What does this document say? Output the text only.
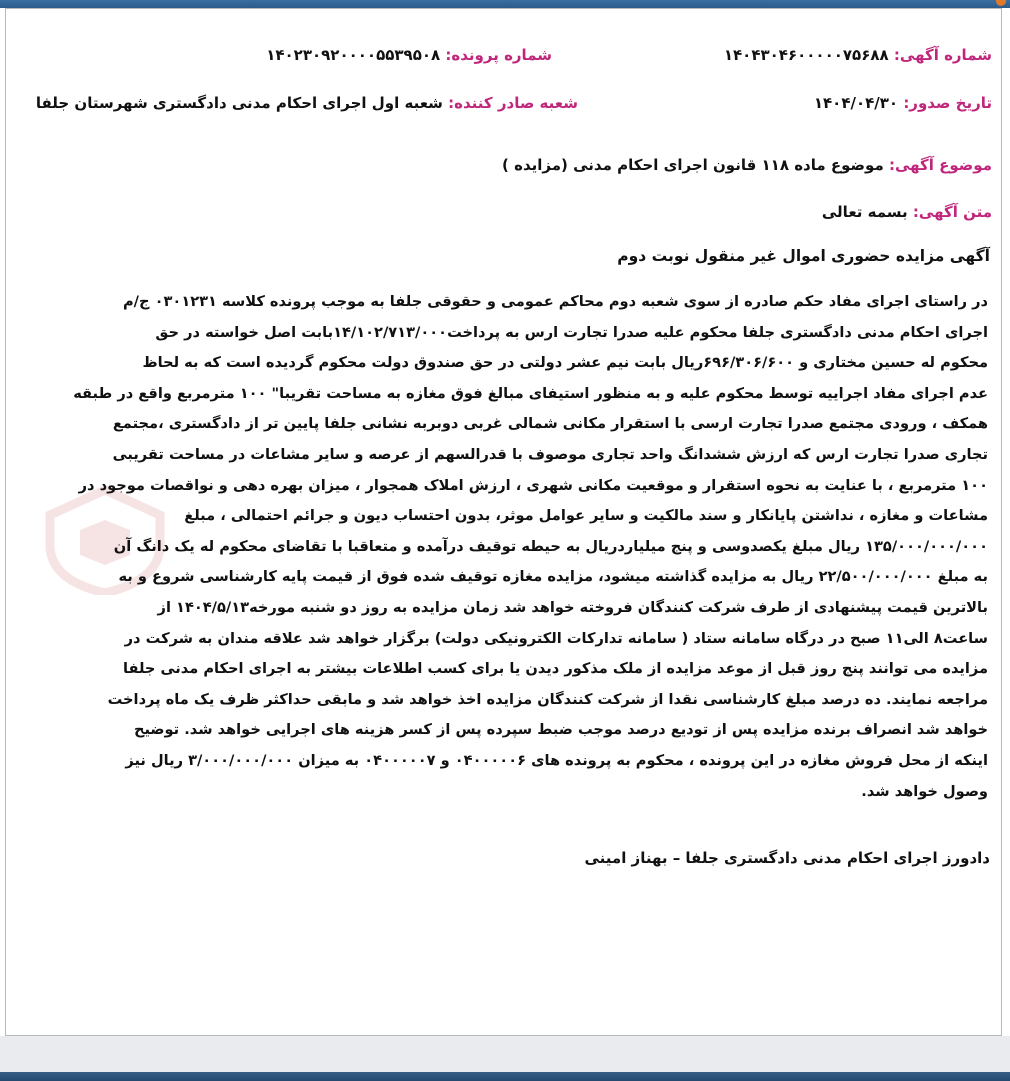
شماره آگهی: ۱۴۰۴۳۰۴۶۰۰۰۰۰۷۵۶۸۸
شماره پرونده: ۱۴۰۲۳۰۹۲۰۰۰۰۵۵۳۹۵۰۸
تاریخ صدور: ۱۴۰۴/۰۴/۳۰
شعبه صادر کننده: شعبه اول اجرای احکام مدنی دادگستری شهرستان جلفا
موضوع آگهی: موضوع ماده ۱۱۸ قانون اجرای احکام مدنی (مزایده )
متن آگهی: بسمه تعالی
آگهی مزایده حضوری اموال غیر منقول نوبت دوم
در راستای اجرای مفاد حکم صادره از سوی شعبه دوم محاکم عمومی و حقوقی جلفا به موجب پرونده کلاسه ۰۳۰۱۲۳۱ ج/م
اجرای احکام مدنی دادگستری جلفا محکوم علیه صدرا تجارت ارس به پرداخت۱۴/۱۰۲/۷۱۳/۰۰۰بابت اصل خواسته در حق
محکوم له حسین مختاری و ۶۹۶/۳۰۶/۶۰۰ریال بابت نیم عشر دولتی در حق صندوق دولت محکوم گردیده است که به لحاظ
عدم اجرای مفاد اجراییه توسط محکوم علیه و به منظور استیفای مبالغ فوق مغازه به مساحت تقریبا" ۱۰۰ مترمربع واقع در طبقه
همکف ، ورودی مجتمع صدرا تجارت ارسی با استقرار مکانی شمالی غربی دوبربه نشانی جلفا پایین تر از دادگستری ،مجتمع
تجاری صدرا تجارت ارس که ارزش ششدانگ واحد تجاری موصوف با قدرالسهم از عرصه و سایر مشاعات در مساحت تقریبی
۱۰۰ مترمربع ، با عنایت به نحوه استقرار و موقعیت مکانی شهری ، ارزش املاک همجوار ، میزان بهره دهی و نواقصات موجود در
مشاعات و مغازه ، نداشتن پایانکار و سند مالکیت و سایر عوامل موثر، بدون احتساب دیون و جرائم احتمالی ، مبلغ
۱۳۵/۰۰۰/۰۰۰/۰۰۰ ریال مبلغ یکصدوسی و پنج میلیاردریال به حیطه توقیف درآمده و متعاقبا با تقاضای محکوم له یک دانگ آن
به مبلغ ۲۲/۵۰۰/۰۰۰/۰۰۰ ریال به مزایده گذاشته میشود، مزایده مغازه توقیف شده فوق از قیمت پایه کارشناسی شروع و به
بالاترین قیمت پیشنهادی از طرف شرکت کنندگان فروخته خواهد شد زمان مزایده به روز دو شنبه مورخه۱۴۰۴/۵/۱۳ از
ساعت۸ الی۱۱ صبح در درگاه سامانه ستاد ( سامانه تدارکات الکترونیکی دولت) برگزار خواهد شد علاقه مندان به شرکت در
مزایده می توانند پنج روز قبل از موعد مزایده از ملک مذکور دیدن یا برای کسب اطلاعات بیشتر به اجرای احکام مدنی جلفا
مراجعه نمایند. ده درصد مبلغ کارشناسی نقدا از شرکت کنندگان مزایده اخذ خواهد شد و مابقی حداکثر ظرف یک ماه پرداخت
خواهد شد انصراف برنده مزایده پس از تودیع درصد موجب ضبط سپرده پس از کسر هزینه های اجرایی خواهد شد. توضیح
اینکه از محل فروش مغازه در این پرونده ، محکوم به پرونده های ۰۴۰۰۰۰۰۶ و ۰۴۰۰۰۰۰۷ به میزان ۳/۰۰۰/۰۰۰/۰۰۰ ریال نیز
وصول خواهد شد.
دادورز اجرای احکام مدنی دادگستری جلفا – بهناز امینی
